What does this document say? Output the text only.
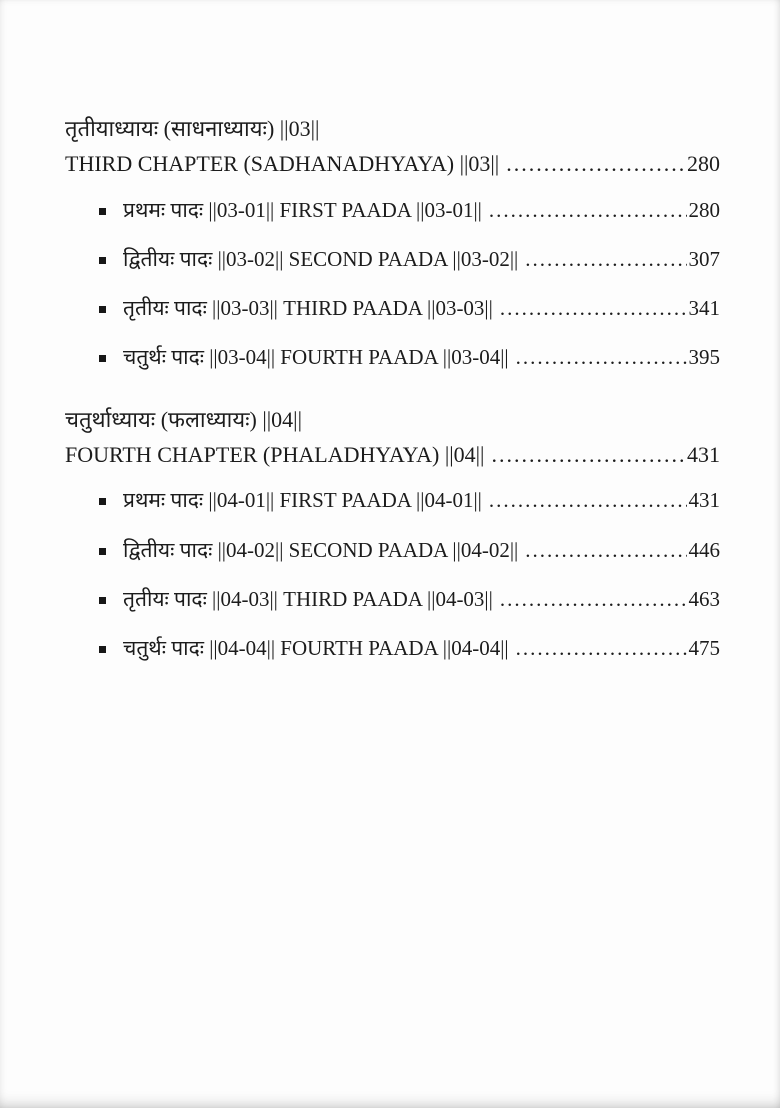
तृतीयाध्यायः (साधनाध्यायः) ||03||
THIRD CHAPTER (SADHANADHYAYA) ||03|| .....	280
प्रथमः पादः ||03-01|| FIRST PAADA ||03-01|| .....	280
द्वितीयः पादः ||03-02|| SECOND PAADA ||03-02|| .....	307
तृतीयः पादः ||03-03|| THIRD PAADA ||03-03|| .....	341
चतुर्थः पादः ||03-04|| FOURTH PAADA ||03-04|| .....	395
चतुर्थाध्यायः (फलाध्यायः) ||04||
FOURTH CHAPTER (PHALADHYAYA) ||04|| .....	431
प्रथमः पादः ||04-01|| FIRST PAADA ||04-01|| .....	431
द्वितीयः पादः ||04-02|| SECOND PAADA ||04-02|| .....	446
तृतीयः पादः ||04-03|| THIRD PAADA ||04-03|| .....	463
चतुर्थः पादः ||04-04|| FOURTH PAADA ||04-04|| .....	475
